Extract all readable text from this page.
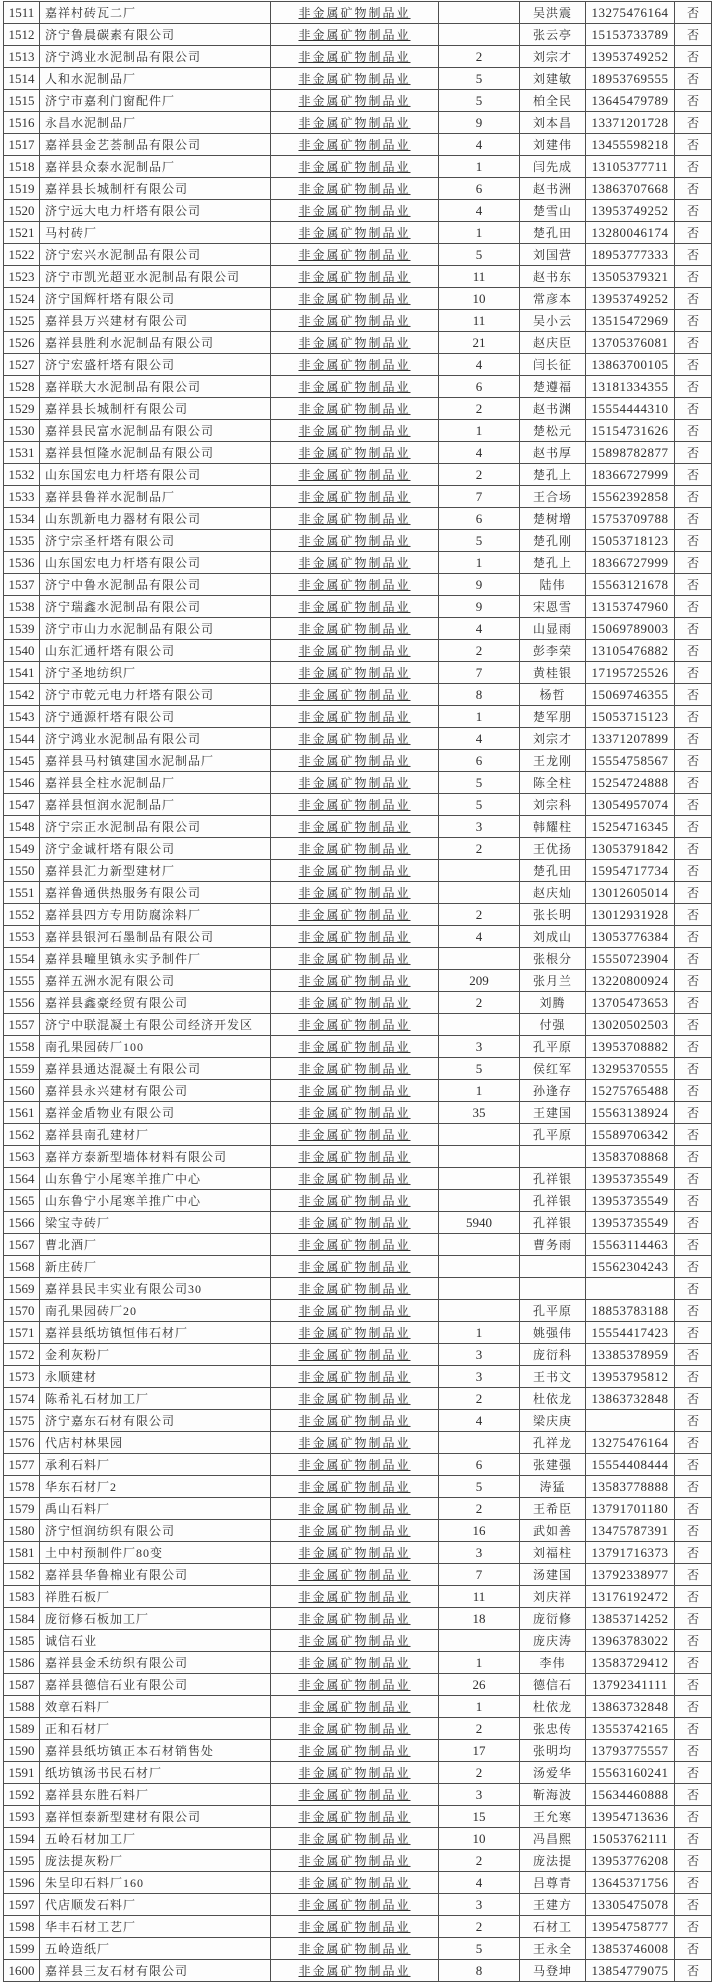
1511	嘉祥村砖瓦二厂	非金属矿物制品业		吴洪震	13275476164	否
1512	济宁鲁晨碳素有限公司	非金属矿物制品业		张云亭	15153733789	否
1513	济宁鸿业水泥制品有限公司	非金属矿物制品业	2	刘宗才	13953749252	否
1514	人和水泥制品厂	非金属矿物制品业	5	刘建敏	18953769555	否
1515	济宁市嘉利门窗配件厂	非金属矿物制品业	5	柏全民	13645479789	否
1516	永昌水泥制品厂	非金属矿物制品业	9	刘本昌	13371201728	否
1517	嘉祥县金艺荟制品有限公司	非金属矿物制品业	4	刘建伟	13455598218	否
1518	嘉祥县众泰水泥制品厂	非金属矿物制品业	1	闫先成	13105377711	否
1519	嘉祥县长城制杆有限公司	非金属矿物制品业	6	赵书洲	13863707668	否
1520	济宁远大电力杆塔有限公司	非金属矿物制品业	4	楚雪山	13953749252	否
1521	马村砖厂	非金属矿物制品业	1	楚孔田	13280046174	否
1522	济宁宏兴水泥制品有限公司	非金属矿物制品业	5	刘国营	18953777333	否
1523	济宁市凯光超亚水泥制品有限公司	非金属矿物制品业	11	赵书东	13505379321	否
1524	济宁国辉杆塔有限公司	非金属矿物制品业	10	常彦本	13953749252	否
1525	嘉祥县万兴建材有限公司	非金属矿物制品业	11	吴小云	13515472969	否
1526	嘉祥县胜利水泥制品有限公司	非金属矿物制品业	21	赵庆臣	13705376081	否
1527	济宁宏盛杆塔有限公司	非金属矿物制品业	4	闫长征	13863700105	否
1528	嘉祥联大水泥制品有限公司	非金属矿物制品业	6	楚遵福	13181334355	否
1529	嘉祥县长城制杆有限公司	非金属矿物制品业	2	赵书渊	15554444310	否
1530	嘉祥县民富水泥制品有限公司	非金属矿物制品业	1	楚松元	15154731626	否
1531	嘉祥县恒隆水泥制品有限公司	非金属矿物制品业	4	赵书厚	15898782877	否
1532	山东国宏电力杆塔有限公司	非金属矿物制品业	2	楚孔上	18366727999	否
1533	嘉祥县鲁祥水泥制品厂	非金属矿物制品业	7	王合场	15562392858	否
1534	山东凯新电力器材有限公司	非金属矿物制品业	6	楚树增	15753709788	否
1535	济宁宗圣杆塔有限公司	非金属矿物制品业	5	楚孔刚	15053718123	否
1536	山东国宏电力杆塔有限公司	非金属矿物制品业	1	楚孔上	18366727999	否
1537	济宁中鲁水泥制品有限公司	非金属矿物制品业	9	陆伟	15563121678	否
1538	济宁瑞鑫水泥制品有限公司	非金属矿物制品业	9	宋恩雪	13153747960	否
1539	济宁市山力水泥制品有限公司	非金属矿物制品业	4	山显雨	15069789003	否
1540	山东汇通杆塔有限公司	非金属矿物制品业	2	彭李荣	13105476882	否
1541	济宁圣地纺织厂	非金属矿物制品业	7	黄桂银	17195725526	否
1542	济宁市乾元电力杆塔有限公司	非金属矿物制品业	8	杨哲	15069746355	否
1543	济宁通源杆塔有限公司	非金属矿物制品业	1	楚军朋	15053715123	否
1544	济宁鸿业水泥制品有限公司	非金属矿物制品业	4	刘宗才	13371207899	否
1545	嘉祥县马村镇建国水泥制品厂	非金属矿物制品业	6	王龙刚	15554758567	否
1546	嘉祥县全柱水泥制品厂	非金属矿物制品业	5	陈全柱	15254724888	否
1547	嘉祥县恒润水泥制品厂	非金属矿物制品业	5	刘宗科	13054957074	否
1548	济宁宗正水泥制品有限公司	非金属矿物制品业	3	韩耀柱	15254716345	否
1549	济宁金诚杆塔有限公司	非金属矿物制品业	2	王优扬	13053791842	否
1550	嘉祥县汇力新型建材厂	非金属矿物制品业		楚孔田	15954717734	否
1551	嘉祥鲁通供热服务有限公司	非金属矿物制品业		赵庆灿	13012605014	否
1552	嘉祥县四方专用防腐涂料厂	非金属矿物制品业	2	张长明	13012931928	否
1553	嘉祥县银河石墨制品有限公司	非金属矿物制品业	4	刘成山	13053776384	否
1554	嘉祥县疃里镇永实予制件厂	非金属矿物制品业		张根分	15550723904	否
1555	嘉祥五洲水泥有限公司	非金属矿物制品业	209	张月兰	13220800924	否
1556	嘉祥县鑫豪经贸有限公司	非金属矿物制品业	2	刘腾	13705473653	否
1557	济宁中联混凝土有限公司经济开发区	非金属矿物制品业		付强	13020502503	否
1558	南孔果园砖厂100	非金属矿物制品业	3	孔平原	13953708882	否
1559	嘉祥县通达混凝土有限公司	非金属矿物制品业	5	侯红军	13295370555	否
1560	嘉祥县永兴建材有限公司	非金属矿物制品业	1	孙逢存	15275765488	否
1561	嘉祥金盾物业有限公司	非金属矿物制品业	35	王建国	15563138924	否
1562	嘉祥县南孔建材厂	非金属矿物制品业		孔平原	15589706342	否
1563	嘉祥方泰新型墙体材料有限公司	非金属矿物制品业			13583708868	否
1564	山东鲁宁小尾寒羊推广中心	非金属矿物制品业		孔祥银	13953735549	否
1565	山东鲁宁小尾寒羊推广中心	非金属矿物制品业		孔祥银	13953735549	否
1566	梁宝寺砖厂	非金属矿物制品业	5940	孔祥银	13953735549	否
1567	曹北酒厂	非金属矿物制品业		曹务雨	15563114463	否
1568	新庄砖厂	非金属矿物制品业			15562304243	否
1569	嘉祥县民丰实业有限公司30	非金属矿物制品业				否
1570	南孔果园砖厂20	非金属矿物制品业		孔平原	18853783188	否
1571	嘉祥县纸坊镇恒伟石材厂	非金属矿物制品业	1	姚强伟	15554417423	否
1572	金利灰粉厂	非金属矿物制品业	3	庞衍科	13385378959	否
1573	永顺建材	非金属矿物制品业	3	王书文	13953795812	否
1574	陈希礼石材加工厂	非金属矿物制品业	2	杜依龙	13863732848	否
1575	济宁嘉东石材有限公司	非金属矿物制品业	4	梁庆庚		否
1576	代店村林果园	非金属矿物制品业		孔祥龙	13275476164	否
1577	承利石料厂	非金属矿物制品业	6	张建强	15554408444	否
1578	华东石材厂2	非金属矿物制品业	5	涛猛	13583778888	否
1579	禹山石料厂	非金属矿物制品业	2	王希臣	13791701180	否
1580	济宁恒润纺织有限公司	非金属矿物制品业	16	武如善	13475787391	否
1581	土中村预制件厂80变	非金属矿物制品业	3	刘福柱	13791716373	否
1582	嘉祥县华鲁棉业有限公司	非金属矿物制品业	7	汤建国	13792338977	否
1583	祥胜石板厂	非金属矿物制品业	11	刘庆祥	13176192472	否
1584	庞衍修石板加工厂	非金属矿物制品业	18	庞衍修	13853714252	否
1585	诚信石业	非金属矿物制品业		庞庆涛	13963783022	否
1586	嘉祥县金禾纺织有限公司	非金属矿物制品业	1	李伟	13583729412	否
1587	嘉祥县德信石业有限公司	非金属矿物制品业	26	德信石	13792341111	否
1588	效章石料厂	非金属矿物制品业	1	杜依龙	13863732848	否
1589	正和石材厂	非金属矿物制品业	2	张忠传	13553742165	否
1590	嘉祥县纸坊镇正本石材销售处	非金属矿物制品业	17	张明均	13793775557	否
1591	纸坊镇汤书民石材厂	非金属矿物制品业	2	汤爱华	15563160241	否
1592	嘉祥县东胜石料厂	非金属矿物制品业	3	靳海波	15634460888	否
1593	嘉祥恒泰新型建材有限公司	非金属矿物制品业	15	王允寒	13954713636	否
1594	五岭石材加工厂	非金属矿物制品业	10	冯昌熙	15053762111	否
1595	庞法提灰粉厂	非金属矿物制品业	2	庞法提	13953776208	否
1596	朱呈印石料厂160	非金属矿物制品业	4	吕尊青	13645371756	否
1597	代店顺发石料厂	非金属矿物制品业	3	王建方	13305475078	否
1598	华丰石材工艺厂	非金属矿物制品业	2	石材工	13954758777	否
1599	五岭造纸厂	非金属矿物制品业	5	王永全	13853746008	否
1600	嘉祥县三友石材有限公司	非金属矿物制品业	8	马登坤	13854779075	否
